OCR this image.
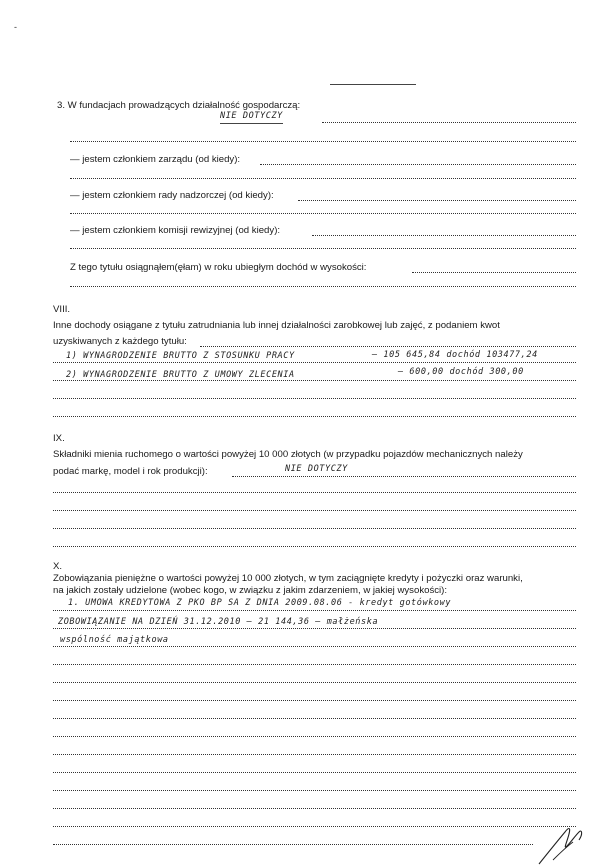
-
3. W fundacjach prowadzących działalność gospodarczą:
NIE DOTYCZY
— jestem członkiem zarządu (od kiedy):
— jestem członkiem rady nadzorczej (od kiedy):
— jestem członkiem komisji rewizyjnej (od kiedy):
Z tego tytułu osiągnąłem(ęłam) w roku ubiegłym dochód w wysokości:
VIII.
Inne dochody osiągane z tytułu zatrudniania lub innej działalności zarobkowej lub zajęć, z podaniem kwot
uzyskiwanych z każdego tytułu:
1) WYNAGRODZENIE BRUTTO Z STOSUNKU PRACY	— 105 645,84 dochód 103477,24
2) WYNAGRODZENIE BRUTTO Z UMOWY ZLECENIA	— 600,00 dochód 300,00
IX.
Składniki mienia ruchomego o wartości powyżej 10 000 złotych (w przypadku pojazdów mechanicznych należy
podać markę, model i rok produkcji):	NIE DOTYCZY
X.
Zobowiązania pieniężne o wartości powyżej 10 000 złotych, w tym zaciągnięte kredyty i pożyczki oraz warunki,
na jakich zostały udzielone (wobec kogo, w związku z jakim zdarzeniem, w jakiej wysokości):
1. UMOWA KREDYTOWA Z PKO BP SA Z DNIA 2009.08.06 - kredyt gotówkowy
ZOBOWIĄZANIE NA DZIEŃ 31.12.2010 — 21 144,36 — małżeńska
wspólność majątkowa
